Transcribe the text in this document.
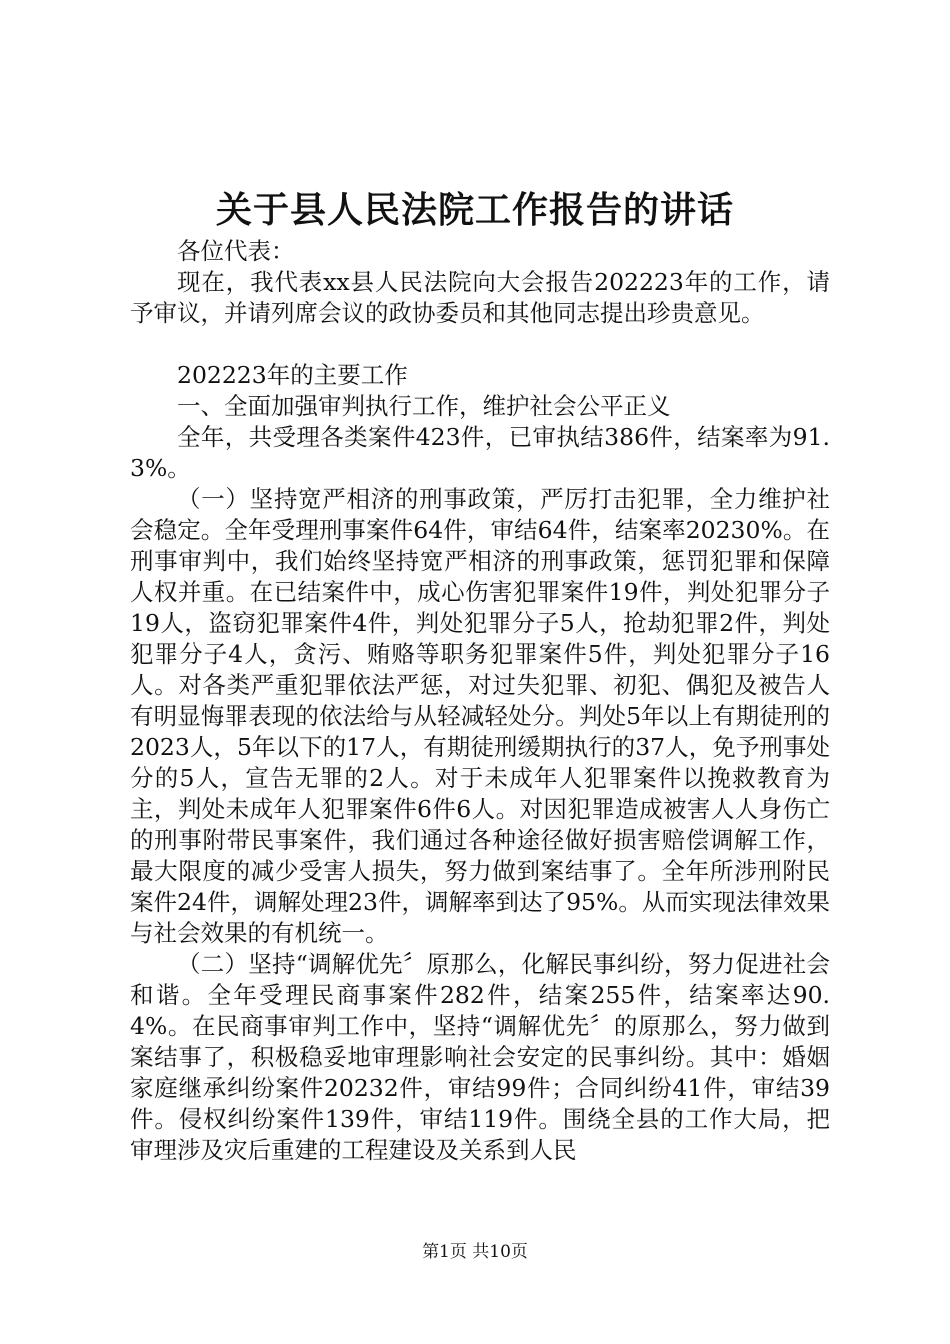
关于县人民法院工作报告的讲话

各位代表：

现在，我代表xx县人民法院向大会报告202223年的工作，请予审议，并请列席会议的政协委员和其他同志提出珍贵意见。

202223年的主要工作

一、全面加强审判执行工作，维护社会公平正义

全年，共受理各类案件423件，已审执结386件，结案率为91.3%。

（一）坚持宽严相济的刑事政策，严厉打击犯罪，全力维护社会稳定。全年受理刑事案件64件，审结64件，结案率20230%。在刑事审判中，我们始终坚持宽严相济的刑事政策，惩罚犯罪和保障人权并重。在已结案件中，成心伤害犯罪案件19件，判处犯罪分子19人，盗窃犯罪案件4件，判处犯罪分子5人，抢劫犯罪2件，判处犯罪分子4人，贪污、贿赂等职务犯罪案件5件，判处犯罪分子16人。对各类严重犯罪依法严惩，对过失犯罪、初犯、偶犯及被告人有明显悔罪表现的依法给与从轻减轻处分。判处5年以上有期徒刑的2023人，5年以下的17人，有期徒刑缓期执行的37人，免予刑事处分的5人，宣告无罪的2人。对于未成年人犯罪案件以挽救教育为主，判处未成年人犯罪案件6件6人。对因犯罪造成被害人人身伤亡的刑事附带民事案件，我们通过各种途径做好损害赔偿调解工作，最大限度的减少受害人损失，努力做到案结事了。全年所涉刑附民案件24件，调解处理23件，调解率到达了95%。从而实现法律效果与社会效果的有机统一。

（二）坚持“调解优先〞原那么，化解民事纠纷，努力促进社会和谐。全年受理民商事案件282件，结案255件，结案率达90.4%。在民商事审判工作中，坚持“调解优先〞的原那么，努力做到案结事了，积极稳妥地审理影响社会安定的民事纠纷。其中：婚姻家庭继承纠纷案件20232件，审结99件；合同纠纷41件，审结39件。侵权纠纷案件139件，审结119件。围绕全县的工作大局，把审理涉及灾后重建的工程建设及关系到人民

第1页 共10页
